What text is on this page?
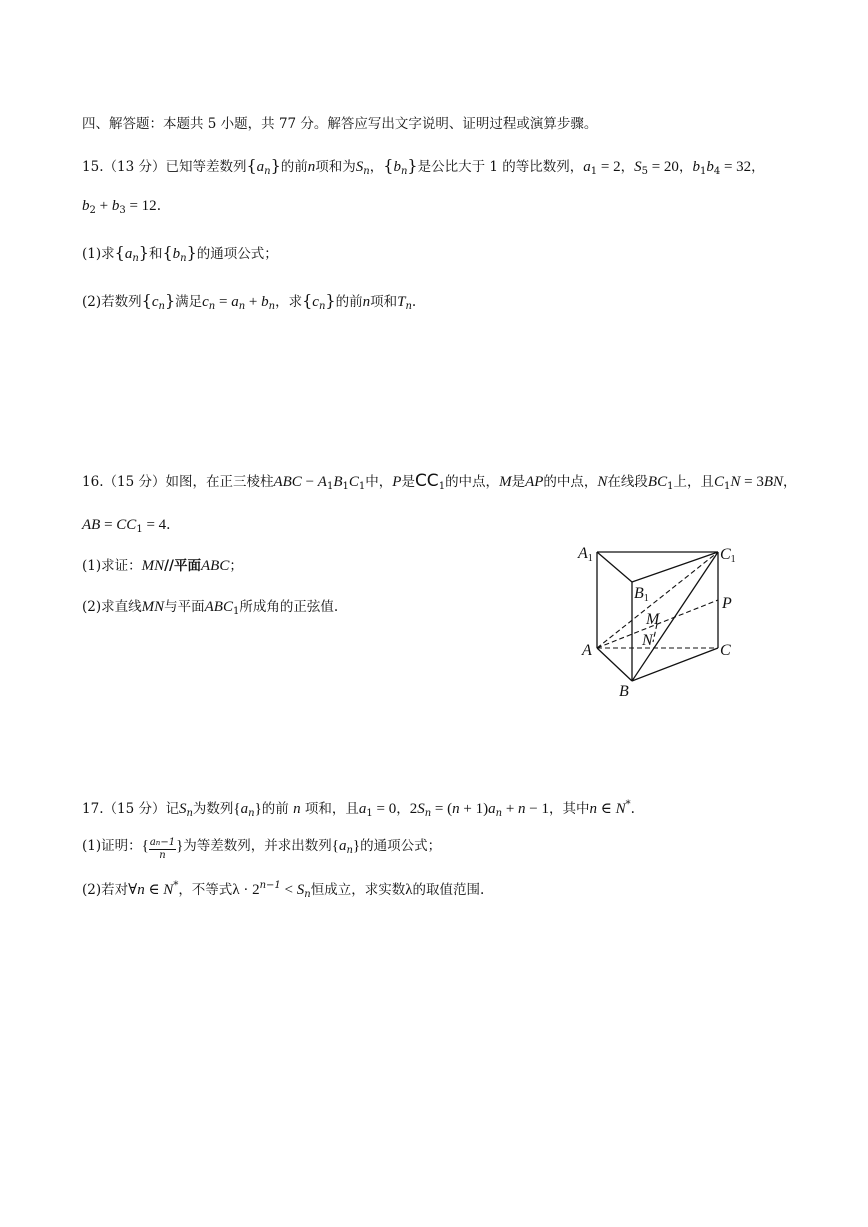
四、解答题：本题共 5 小题，共 77 分。解答应写出文字说明、证明过程或演算步骤。
15.（13 分）已知等差数列$\{a_n\}$的前n项和为$S_n$，$\{b_n\}$是公比大于 1 的等比数列，$a_1 = 2$，$S_5 = 20$，$b_1b_4 = 32$，
$b_2 + b_3 = 12$.
(1)求$\{a_n\}$和$\{b_n\}$的通项公式；
(2)若数列$\{c_n\}$满足$c_n = a_n + b_n$，求$\{c_n\}$的前n项和$T_n$.
16.（15 分）如图，在正三棱柱ABC − $A_1B_1C_1$中，P是$CC_1$的中点，M是AP的中点，N在线段$BC_1$上，且$C_1N = 3BN$，
AB = $CC_1 = 4$.
(1)求证：MN//平面ABC；
(2)求直线MN与平面$ABC_1$所成角的正弦值.
A1	C1
B1	P
M
N
A	C
B
17.（15 分）记$S_n$为数列$\{a_n\}$的前 n 项和，且$a_1 = 0$，$2S_n = (n + 1)a_n + n - 1$，其中n ∈ N*.
(1)证明：{ $\frac{an-1}{n}$ }为等差数列，并求出数列$\{a_n\}$的通项公式；
(2)若对∀n ∈ N*，不等式$\lambda \cdot 2^{n-1} < S_n$恒成立，求实数λ的取值范围.
